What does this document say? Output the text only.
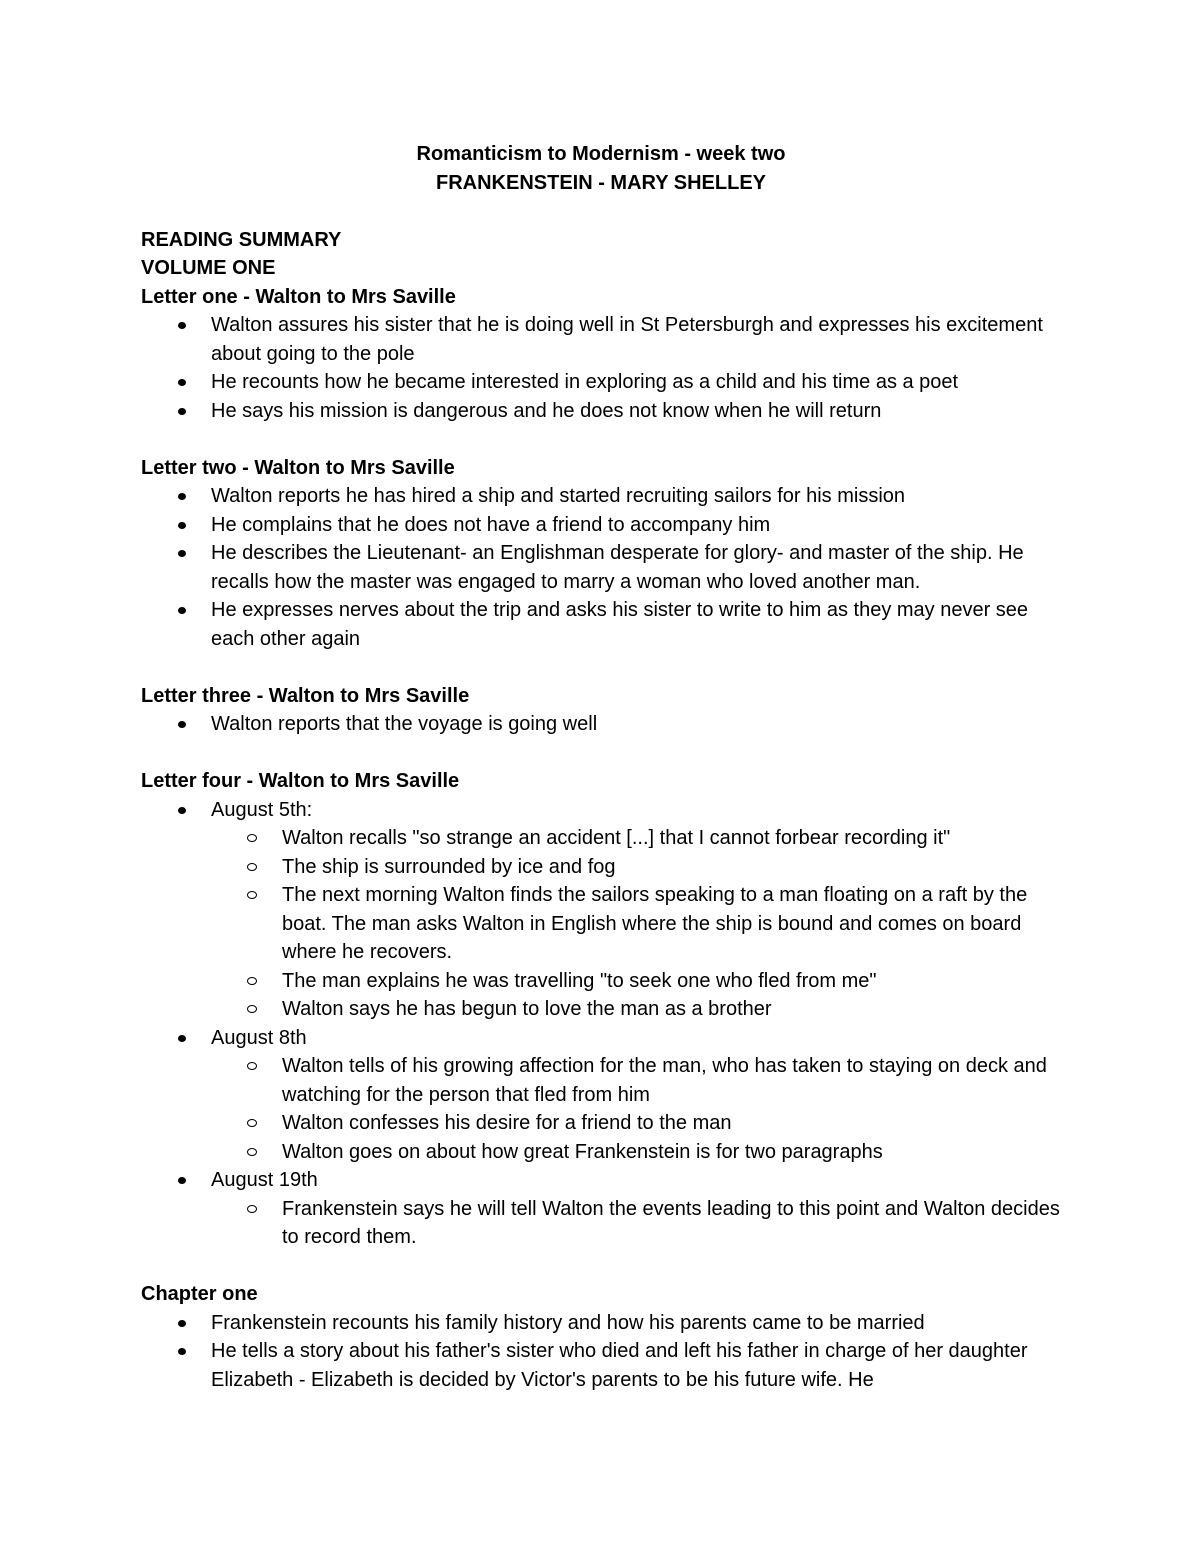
Romanticism to Modernism - week two

FRANKENSTEIN - MARY SHELLEY

READING SUMMARY

VOLUME ONE

Letter one - Walton to Mrs Saville

Walton assures his sister that he is doing well in St Petersburgh and expresses his excitement about going to the pole
He recounts how he became interested in exploring as a child and his time as a poet
He says his mission is dangerous and he does not know when he will return

Letter two - Walton to Mrs Saville

Walton reports he has hired a ship and started recruiting sailors for his mission
He complains that he does not have a friend to accompany him
He describes the Lieutenant- an Englishman desperate for glory- and master of the ship. He recalls how the master was engaged to marry a woman who loved another man.
He expresses nerves about the trip and asks his sister to write to him as they may never see each other again

Letter three - Walton to Mrs Saville

Walton reports that the voyage is going well

Letter four - Walton to Mrs Saville

August 5th:
Walton recalls "so strange an accident [...] that I cannot forbear recording it"
The ship is surrounded by ice and fog
The next morning Walton finds the sailors speaking to a man floating on a raft by the boat. The man asks Walton in English where the ship is bound and comes on board where he recovers.
The man explains he was travelling "to seek one who fled from me"
Walton says he has begun to love the man as a brother
August 8th
Walton tells of his growing affection for the man, who has taken to staying on deck and watching for the person that fled from him
Walton confesses his desire for a friend to the man
Walton goes on about how great Frankenstein is for two paragraphs
August 19th
Frankenstein says he will tell Walton the events leading to this point and Walton decides to record them.

Chapter one

Frankenstein recounts his family history and how his parents came to be married
He tells a story about his father's sister who died and left his father in charge of her daughter Elizabeth - Elizabeth is decided by Victor's parents to be his future wife. He
